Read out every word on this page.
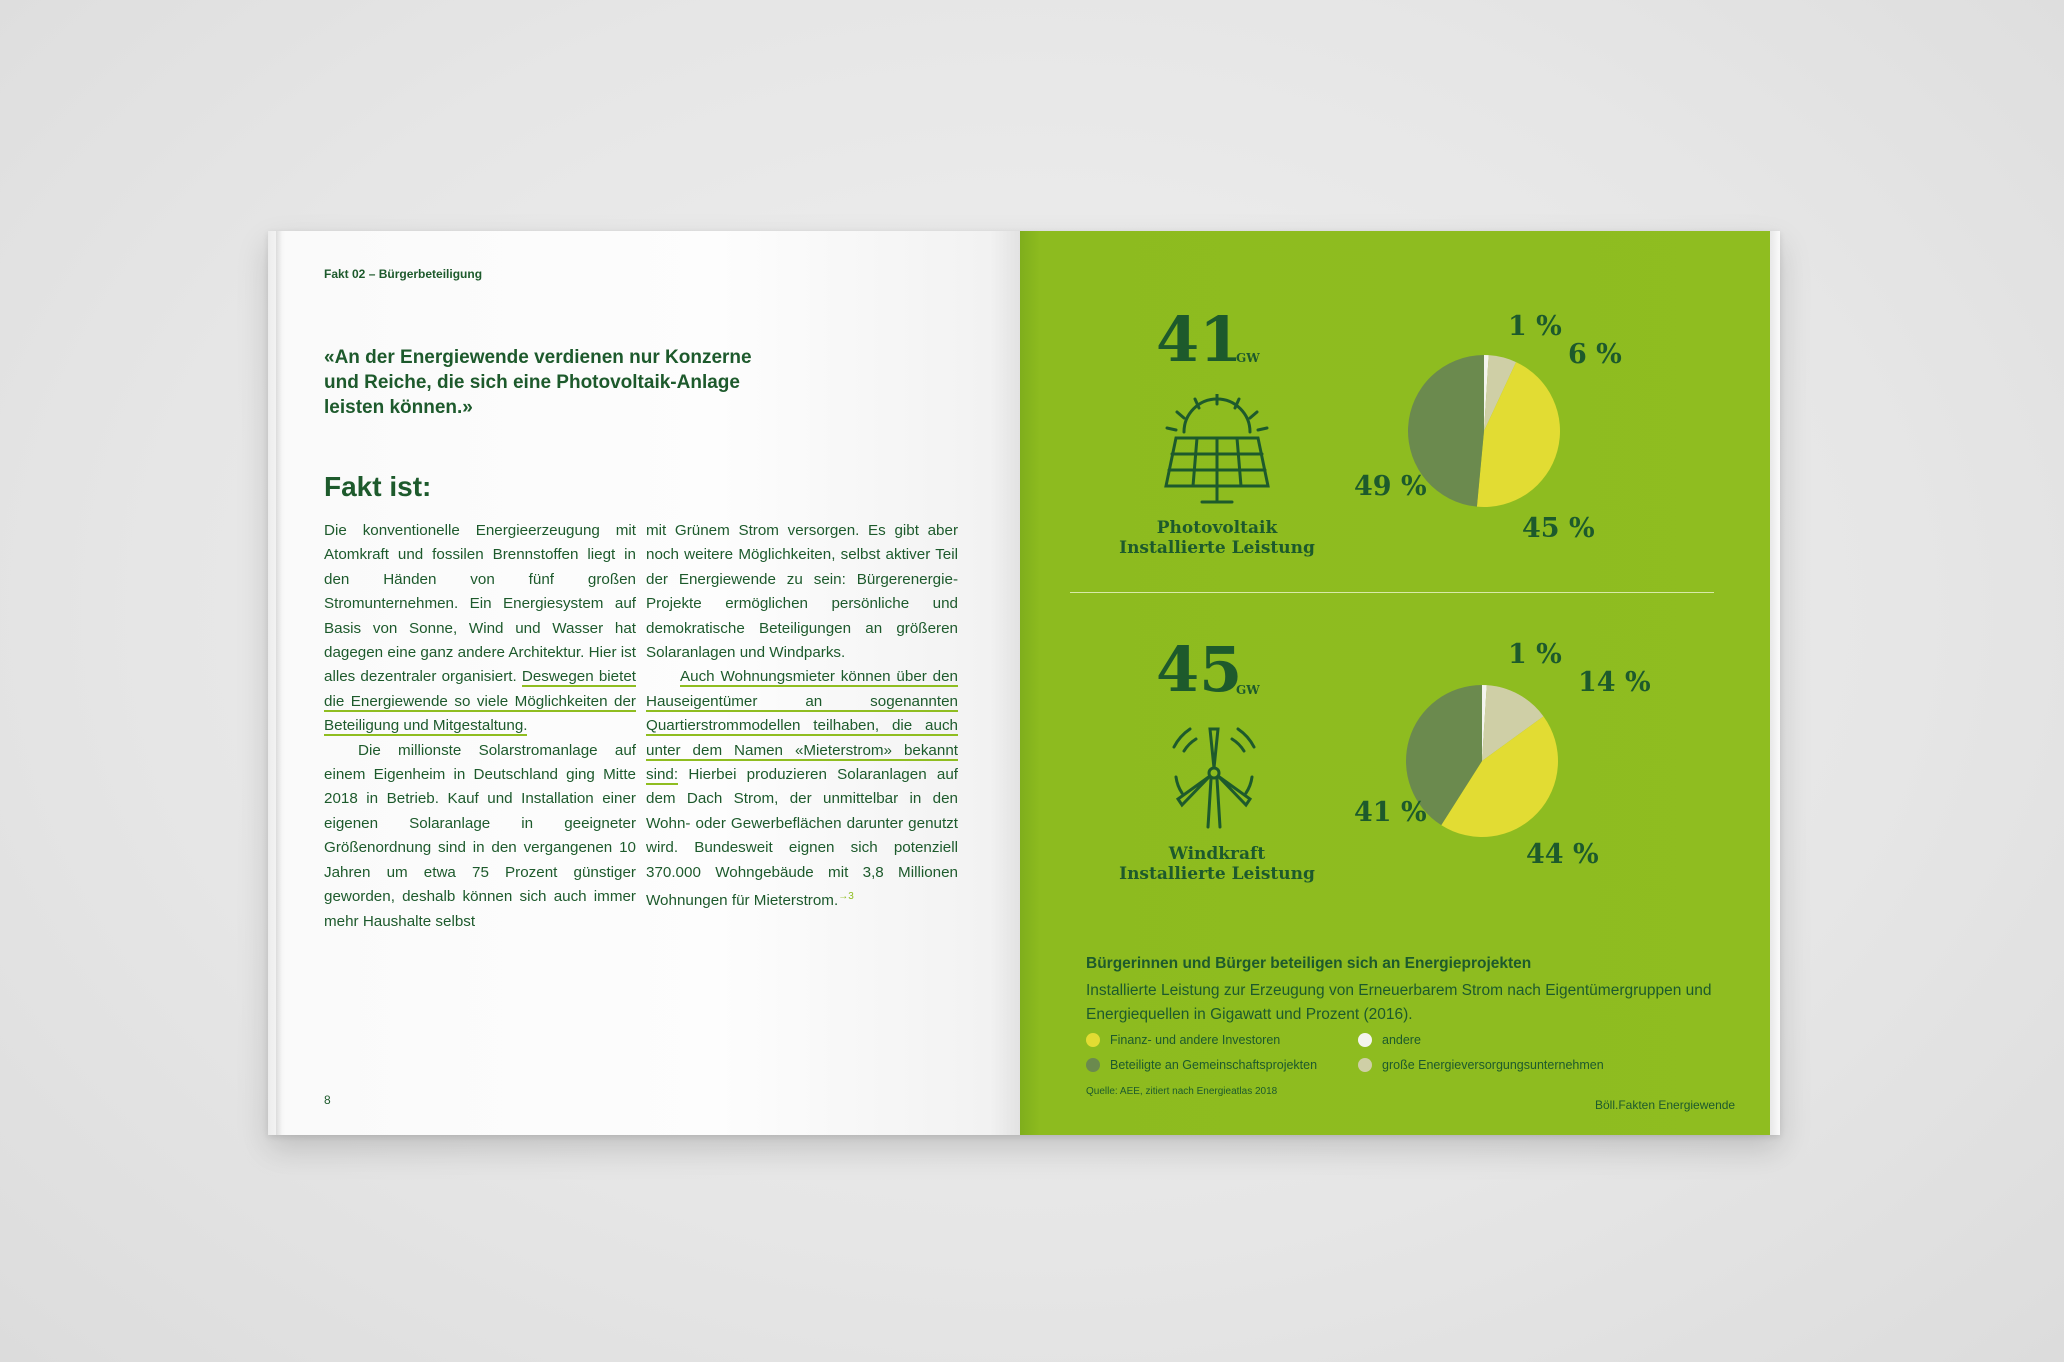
Fakt 02 – Bürgerbeteiligung
«An der Energiewende verdienen nur Konzerne
und Reiche, die sich eine Photovoltaik-Anlage
leisten können.»
Fakt ist:
Die konventionelle Energieerzeugung mit Atomkraft und fossilen Brennstoffen liegt in den Händen von fünf großen Stromunternehmen. Ein Energiesystem auf Basis von Sonne, Wind und Wasser hat dagegen eine ganz andere Architektur. Hier ist alles dezentraler organisiert. Deswegen bietet die Energiewende so viele Möglichkeiten der Beteiligung und Mitgestaltung.
Die millionste Solarstromanlage auf einem Eigenheim in Deutschland ging Mitte 2018 in Betrieb. Kauf und Installation einer eigenen Solaranlage in geeigneter Größenordnung sind in den vergangenen 10 Jahren um etwa 75 Prozent günstiger geworden, deshalb können sich auch immer mehr Haushalte selbst
mit Grünem Strom versorgen. Es gibt aber noch weitere Möglichkeiten, selbst aktiver Teil der Energiewende zu sein: Bürgerenergie-Projekte ermöglichen persönliche und demokratische Beteiligungen an größeren Solaranlagen und Windparks.
Auch Wohnungsmieter können über den Hauseigentümer an sogenannten Quartierstrommodellen teilhaben, die auch unter dem Namen «Mieterstrom» bekannt sind: Hierbei produzieren Solaranlagen auf dem Dach Strom, der unmittelbar in den Wohn- oder Gewerbeflächen darunter genutzt wird. Bundesweit eignen sich potenziell 370.000 Wohngebäude mit 3,8 Millionen Wohnungen für Mieterstrom.$^{\to 3}$
8
41
GW
Photovoltaik
Installierte Leistung
1 %
6 %
45 %
49 %
45
GW
Windkraft
Installierte Leistung
1 %
14 %
44 %
41 %
Bürgerinnen und Bürger beteiligen sich an Energieprojekten
Installierte Leistung zur Erzeugung von Erneuerbarem Strom nach Eigentümergruppen und Energiequellen in Gigawatt und Prozent (2016).
Finanz- und andere Investoren	andere
Beteiligte an Gemeinschaftsprojekten	große Energieversorgungsunternehmen
Quelle: AEE, zitiert nach Energieatlas 2018
Böll.Fakten Energiewende
